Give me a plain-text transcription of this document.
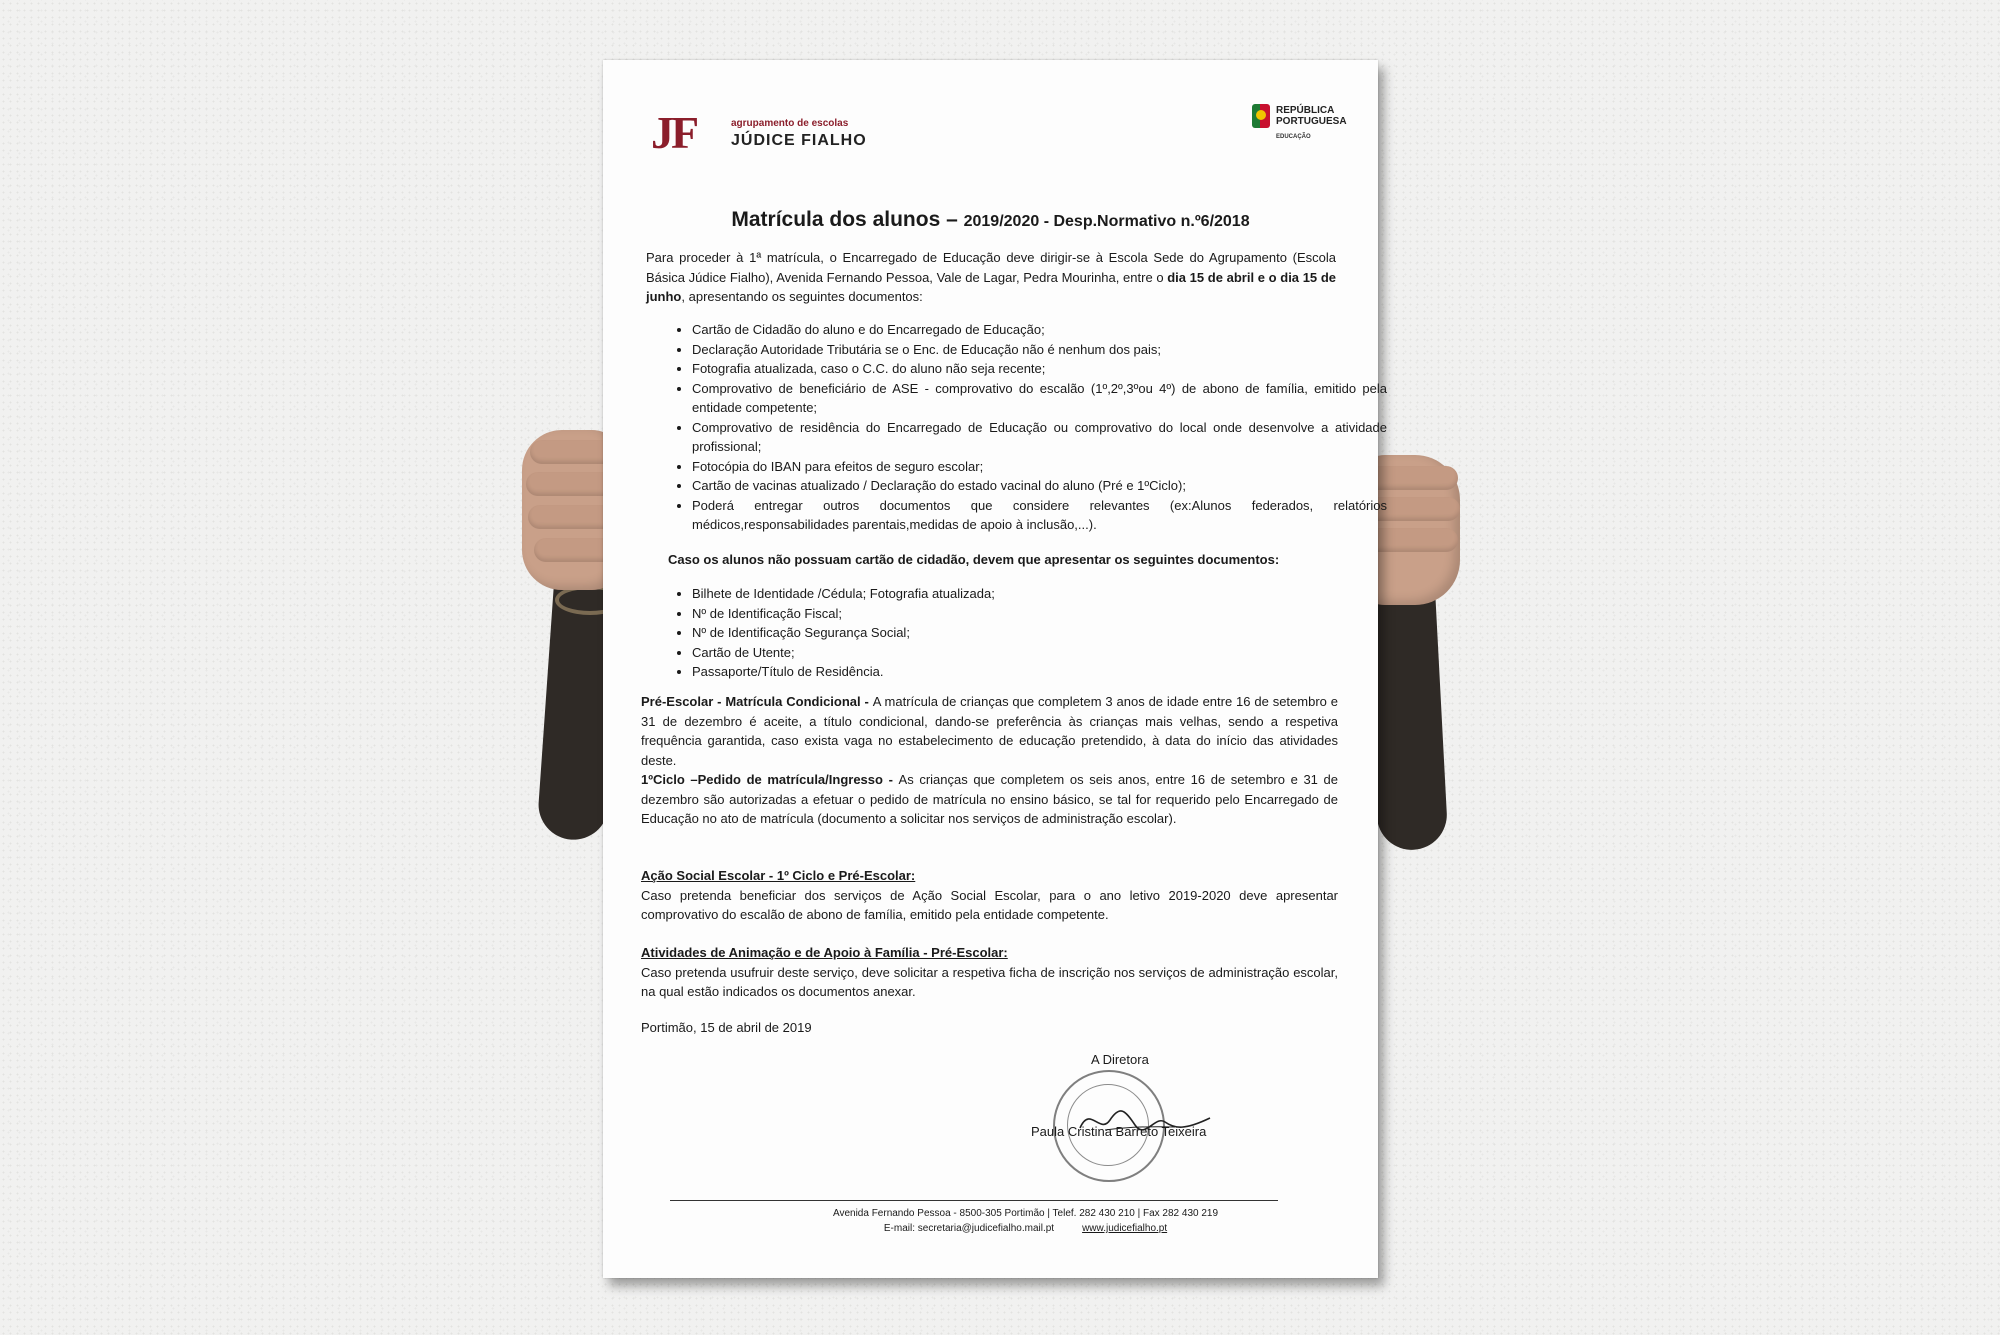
JF	agrupamento de escolas
JÚDICE FIALHO
REPÚBLICA
PORTUGUESA
EDUCAÇÃO
Matrícula dos alunos – 2019/2020 - Desp.Normativo n.º6/2018
Para proceder à 1ª matrícula, o Encarregado de Educação deve dirigir-se à Escola Sede do Agrupamento (Escola Básica Júdice Fialho), Avenida Fernando Pessoa, Vale de Lagar, Pedra Mourinha, entre o dia 15 de abril e o dia 15 de junho, apresentando os seguintes documentos:
• Cartão de Cidadão do aluno e do Encarregado de Educação;
• Declaração Autoridade Tributária se o Enc. de Educação não é nenhum dos pais;
• Fotografia atualizada, caso o C.C. do aluno não seja recente;
• Comprovativo de beneficiário de ASE - comprovativo do escalão (1º,2º,3ºou 4º) de abono de família, emitido pela entidade competente;
• Comprovativo de residência do Encarregado de Educação ou comprovativo do local onde desenvolve a atividade profissional;
• Fotocópia do IBAN para efeitos de seguro escolar;
• Cartão de vacinas atualizado / Declaração do estado vacinal do aluno (Pré e 1ºCiclo);
• Poderá entregar outros documentos que considere relevantes (ex:Alunos federados, relatórios médicos,responsabilidades parentais,medidas de apoio à inclusão,...).
Caso os alunos não possuam cartão de cidadão, devem que apresentar os seguintes documentos:
• Bilhete de Identidade /Cédula; Fotografia atualizada;
• Nº de Identificação Fiscal;
• Nº de Identificação Segurança Social;
• Cartão de Utente;
• Passaporte/Título de Residência.
Pré-Escolar - Matrícula Condicional - A matrícula de crianças que completem 3 anos de idade entre 16 de setembro e 31 de dezembro é aceite, a título condicional, dando-se preferência às crianças mais velhas, sendo a respetiva frequência garantida, caso exista vaga no estabelecimento de educação pretendido, à data do início das atividades deste.
1ºCiclo –Pedido de matrícula/Ingresso - As crianças que completem os seis anos, entre 16 de setembro e 31 de dezembro são autorizadas a efetuar o pedido de matrícula no ensino básico, se tal for requerido pelo Encarregado de Educação no ato de matrícula (documento a solicitar nos serviços de administração escolar).
Ação Social Escolar - 1º Ciclo e Pré-Escolar:
Caso pretenda beneficiar dos serviços de Ação Social Escolar, para o ano letivo 2019-2020 deve apresentar comprovativo do escalão de abono de família, emitido pela entidade competente.
Atividades de Animação e de Apoio à Família - Pré-Escolar:
Caso pretenda usufruir deste serviço, deve solicitar a respetiva ficha de inscrição nos serviços de administração escolar, na qual estão indicados os documentos anexar.
Portimão, 15 de abril de 2019
A Diretora
Paula Cristina Barreto Teixeira
Avenida Fernando Pessoa - 8500-305 Portimão | Telef. 282 430 210 | Fax 282 430 219
E-mail: secretaria@judicefialho.mail.pt	www.judicefialho.pt
